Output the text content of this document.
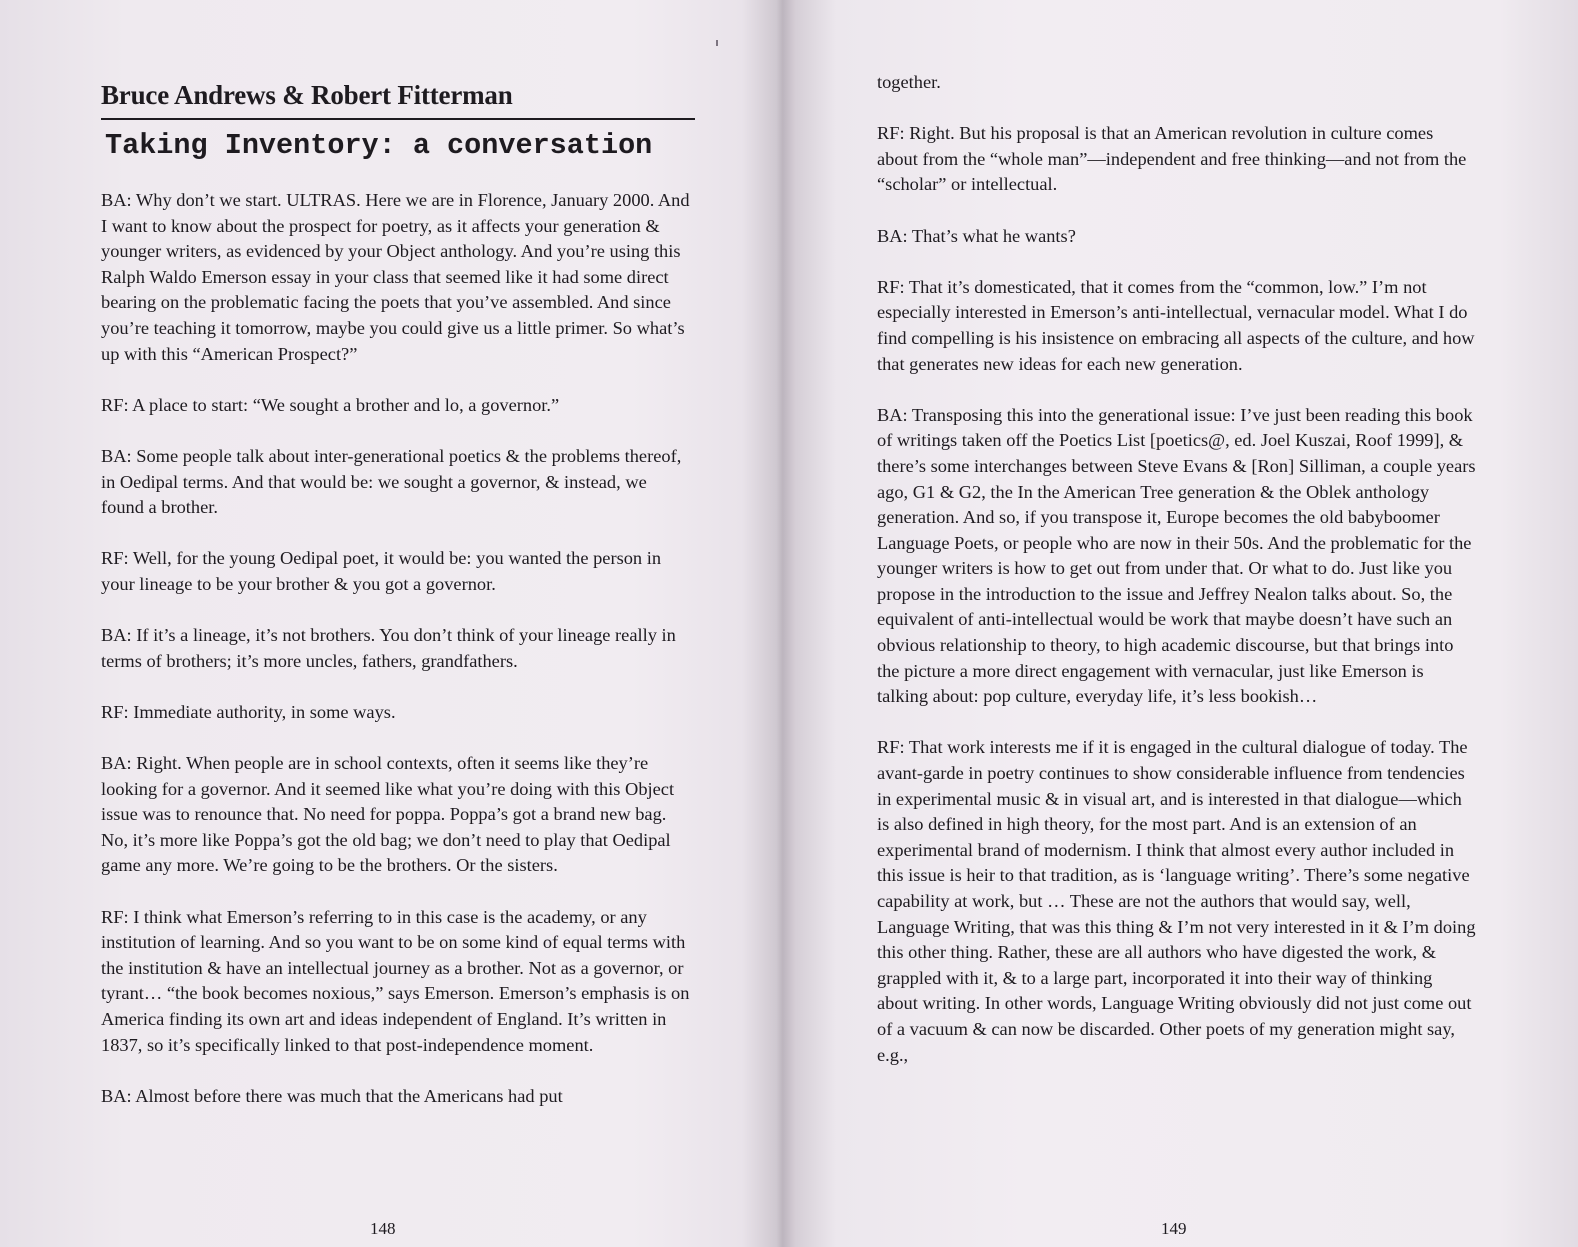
Bruce Andrews & Robert Fitterman
Taking Inventory: a conversation

BA: Why don’t we start. ULTRAS. Here we are in Florence, January 2000. And I want to know about the prospect for poetry, as it affects your generation & younger writers, as evidenced by your Object anthology. And you’re using this Ralph Waldo Emerson essay in your class that seemed like it had some direct bearing on the problematic facing the poets that you’ve assembled. And since you’re teaching it tomorrow, maybe you could give us a little primer. So what’s up with this “American Prospect?”

RF: A place to start: “We sought a brother and lo, a governor.”

BA: Some people talk about inter-generational poetics & the problems thereof, in Oedipal terms. And that would be: we sought a governor, & instead, we found a brother.

RF: Well, for the young Oedipal poet, it would be: you wanted the person in your lineage to be your brother & you got a governor.

BA: If it’s a lineage, it’s not brothers. You don’t think of your lineage really in terms of brothers; it’s more uncles, fathers, grandfathers.

RF: Immediate authority, in some ways.

BA: Right. When people are in school contexts, often it seems like they’re looking for a governor. And it seemed like what you’re doing with this Object issue was to renounce that. No need for poppa. Poppa’s got a brand new bag. No, it’s more like Poppa’s got the old bag; we don’t need to play that Oedipal game any more. We’re going to be the brothers. Or the sisters.

RF: I think what Emerson’s referring to in this case is the academy, or any institution of learning. And so you want to be on some kind of equal terms with the institution & have an intellectual journey as a brother. Not as a governor, or tyrant… “the book becomes noxious,” says Emerson. Emerson’s emphasis is on America finding its own art and ideas independent of England. It’s written in 1837, so it’s specifically linked to that post-independence moment.

BA: Almost before there was much that the Americans had put

148

together.

RF: Right. But his proposal is that an American revolution in culture comes about from the “whole man”—independent and free thinking—and not from the “scholar” or intellectual.

BA: That’s what he wants?

RF: That it’s domesticated, that it comes from the “common, low.” I’m not especially interested in Emerson’s anti-intellectual, vernacular model. What I do find compelling is his insistence on embracing all aspects of the culture, and how that generates new ideas for each new generation.

BA: Transposing this into the generational issue: I’ve just been reading this book of writings taken off the Poetics List [poetics@, ed. Joel Kuszai, Roof 1999], & there’s some interchanges between Steve Evans & [Ron] Silliman, a couple years ago, G1 & G2, the In the American Tree generation & the Oblek anthology generation. And so, if you transpose it, Europe becomes the old babyboomer Language Poets, or people who are now in their 50s. And the problematic for the younger writers is how to get out from under that. Or what to do. Just like you propose in the introduction to the issue and Jeffrey Nealon talks about. So, the equivalent of anti-intellectual would be work that maybe doesn’t have such an obvious relationship to theory, to high academic discourse, but that brings into the picture a more direct engagement with vernacular, just like Emerson is talking about: pop culture, everyday life, it’s less bookish…

RF: That work interests me if it is engaged in the cultural dialogue of today. The avant-garde in poetry continues to show considerable influence from tendencies in experimental music & in visual art, and is interested in that dialogue—which is also defined in high theory, for the most part. And is an extension of an experimental brand of modernism. I think that almost every author included in this issue is heir to that tradition, as is ‘language writing’. There’s some negative capability at work, but … These are not the authors that would say, well, Language Writing, that was this thing & I’m not very interested in it & I’m doing this other thing. Rather, these are all authors who have digested the work, & grappled with it, & to a large part, incorporated it into their way of thinking about writing. In other words, Language Writing obviously did not just come out of a vacuum & can now be discarded. Other poets of my generation might say, e.g.,

149
